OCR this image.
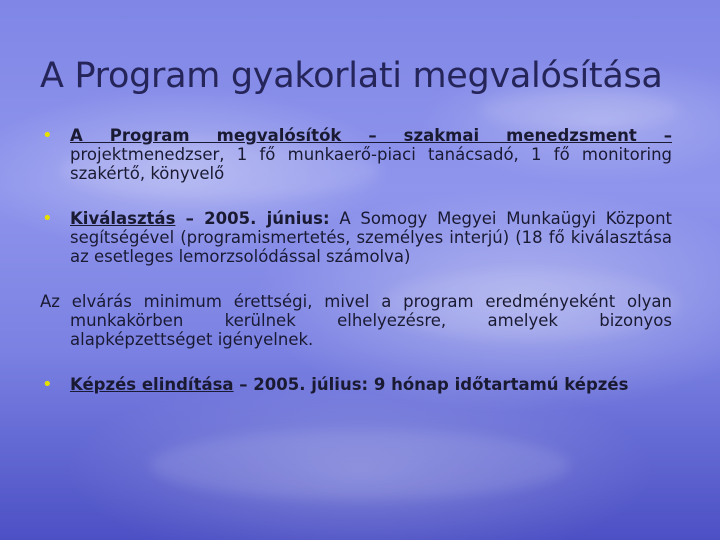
A Program gyakorlati megvalósítása
• A Program megvalósítók – szakmai menedzsment – projektmenedzser, 1 fő munkaerő-piaci tanácsadó, 1 fő monitoring szakértő, könyvelő
• Kiválasztás – 2005. június: A Somogy Megyei Munkaügyi Központ segítségével (programismertetés, személyes interjú) (18 fő kiválasztása az esetleges lemorzsolódással számolva)
Az elvárás minimum érettségi, mivel a program eredményeként olyan munkakörben kerülnek elhelyezésre, amelyek bizonyos alapképzettséget igényelnek.
• Képzés elindítása – 2005. július: 9 hónap időtartamú képzés
